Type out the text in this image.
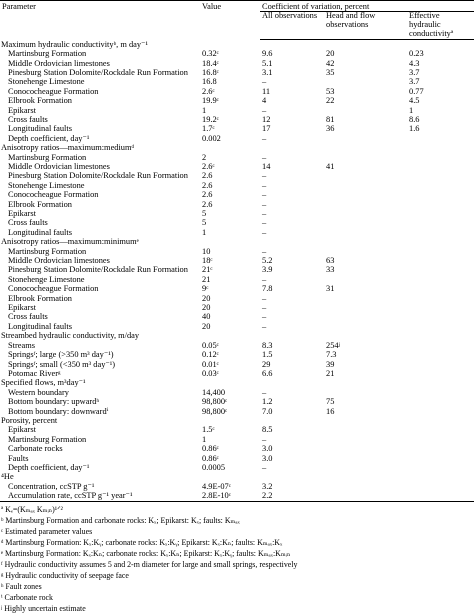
Parameter	Value	Coefficient of variation, percent		
		All observations	Head and flow observations	Effective hydraulic conductivityª
Maximum hydraulic conductivityᵇ, m day⁻¹				
Martinsburg Formation	0.32ᶜ	9.6	20	0.23
Middle Ordovician limestones	18.4ᶜ	5.1	42	4.3
Pinesburg Station Dolomite/Rockdale Run Formation	16.8ᶜ	3.1	35	3.7
Stonehenge Limestone	16.8	–		3.7
Conococheague Formation	2.6ᶜ	11	53	0.77
Elbrook Formation	19.9ᶜ	4	22	4.5
Epikarst	1	–		1
Cross faults	19.2ᶜ	12	81	8.6
Longitudinal faults	1.7ᶜ	17	36	1.6
Depth coefficient, day⁻¹	0.002	–		
Anisotropy ratios—maximum:mediumᵈ				
Martinsburg Formation	2	–		
Middle Ordovician limestones	2.6ᶜ	14	41	
Pinesburg Station Dolomite/Rockdale Run Formation	2.6	–		
Stonehenge Limestone	2.6	–		
Conococheague Formation	2.6	–		
Elbrook Formation	2.6	–		
Epikarst	5	–		
Cross faults	5	–		
Longitudinal faults	1	–		
Anisotropy ratios—maximum:minimumᵉ				
Martinsburg Formation	10	–		
Middle Ordovician limestones	18ᶜ	5.2	63	
Pinesburg Station Dolomite/Rockdale Run Formation	21ᶜ	3.9	33	
Stonehenge Limestone	21	–		
Conococheague Formation	9ᶜ	7.8	31	
Elbrook Formation	20	–		
Epikarst	20	–		
Cross faults	40	–		
Longitudinal faults	20	–		
Streambed hydraulic conductivity, m/day				
Streams	0.05ᶜ	8.3	254ʲ	
Springsᶠ; large (>350 m³ day⁻¹)	0.12ᶜ	1.5	7.3	
Springsᶠ; small (<350 m³ day⁻¹)	0.01ᶜ	29	39	
Potomac Riverᵍ	0.03ᶜ	6.6	21	
Specified flows, m³day⁻¹				
Western boundary	14,400	–		
Bottom boundary: upwardʰ	98,800ᶜ	1.2	75	
Bottom boundary: downwardⁱ	98,800ᶜ	7.0	16	
Porosity, percent				
Epikarst	1.5ᶜ	8.5		
Martinsburg Formation	1	–		
Carbonate rocks	0.86ᶜ	3.0		
Faults	0.86ᶜ	3.0		
Depth coefficient, day⁻¹	0.0005	–		
⁴He				
Concentration, ccSTP g⁻¹	4.9E-07ᶜ	3.2		
Accumulation rate, ccSTP g⁻¹ year⁻¹	2.8E-10ᶜ	2.2		
ª Kₑ=(Kₘₐₓ Kₘᵢₙ)¹ᐟ²
ᵇ Martinsburg Formation and carbonate rocks: Kₓ; Epikarst: Kₓ; faults: Kₘₐₓ
ᶜ Estimated parameter values
ᵈ Martinsburg Formation: Kₓ:Kᵧ; carbonate rocks: Kₓ:Kᵧ; Epikarst: Kₓ:Kₙ; faults: Kₘₐₓ:Kₓ
ᵉ Martinsburg Formation: Kₓ:Kₙ; carbonate rocks: Kₓ:Kₙ; Epikarst: Kₓ:Kᵧ; faults: Kₘₐₓ:Kₘᵢₙ
ᶠ Hydraulic conductivity assumes 5 and 2-m diameter for large and small springs, respectively
ᵍ Hydraulic conductivity of seepage face
ʰ Fault zones
ⁱ Carbonate rock
ʲ Highly uncertain estimate
